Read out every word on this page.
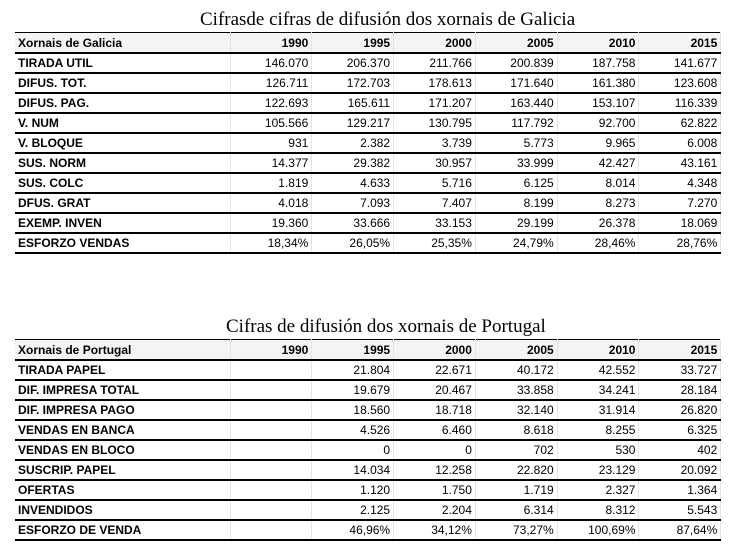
Cifrasde cifras de difusión dos xornais de Galicia
Xornais de Galicia	1990	1995	2000	2005	2010	2015
TIRADA UTIL	146.070	206.370	211.766	200.839	187.758	141.677
DIFUS. TOT.	126.711	172.703	178.613	171.640	161.380	123.608
DIFUS. PAG.	122.693	165.611	171.207	163.440	153.107	116.339
V. NUM	105.566	129.217	130.795	117.792	92.700	62.822
V. BLOQUE	931	2.382	3.739	5.773	9.965	6.008
SUS. NORM	14.377	29.382	30.957	33.999	42.427	43.161
SUS. COLC	1.819	4.633	5.716	6.125	8.014	4.348
DFUS. GRAT	4.018	7.093	7.407	8.199	8.273	7.270
EXEMP. INVEN	19.360	33.666	33.153	29.199	26.378	18.069
ESFORZO VENDAS	18,34%	26,05%	25,35%	24,79%	28,46%	28,76%
Cifras de difusión dos xornais de Portugal
Xornais de Portugal	1990	1995	2000	2005	2010	2015
TIRADA PAPEL		21.804	22.671	40.172	42.552	33.727
DIF. IMPRESA TOTAL		19.679	20.467	33.858	34.241	28.184
DIF. IMPRESA PAGO		18.560	18.718	32.140	31.914	26.820
VENDAS EN BANCA		4.526	6.460	8.618	8.255	6.325
VENDAS EN BLOCO		0	0	702	530	402
SUSCRIP. PAPEL		14.034	12.258	22.820	23.129	20.092
OFERTAS		1.120	1.750	1.719	2.327	1.364
INVENDIDOS		2.125	2.204	6.314	8.312	5.543
ESFORZO DE VENDA		46,96%	34,12%	73,27%	100,69%	87,64%
